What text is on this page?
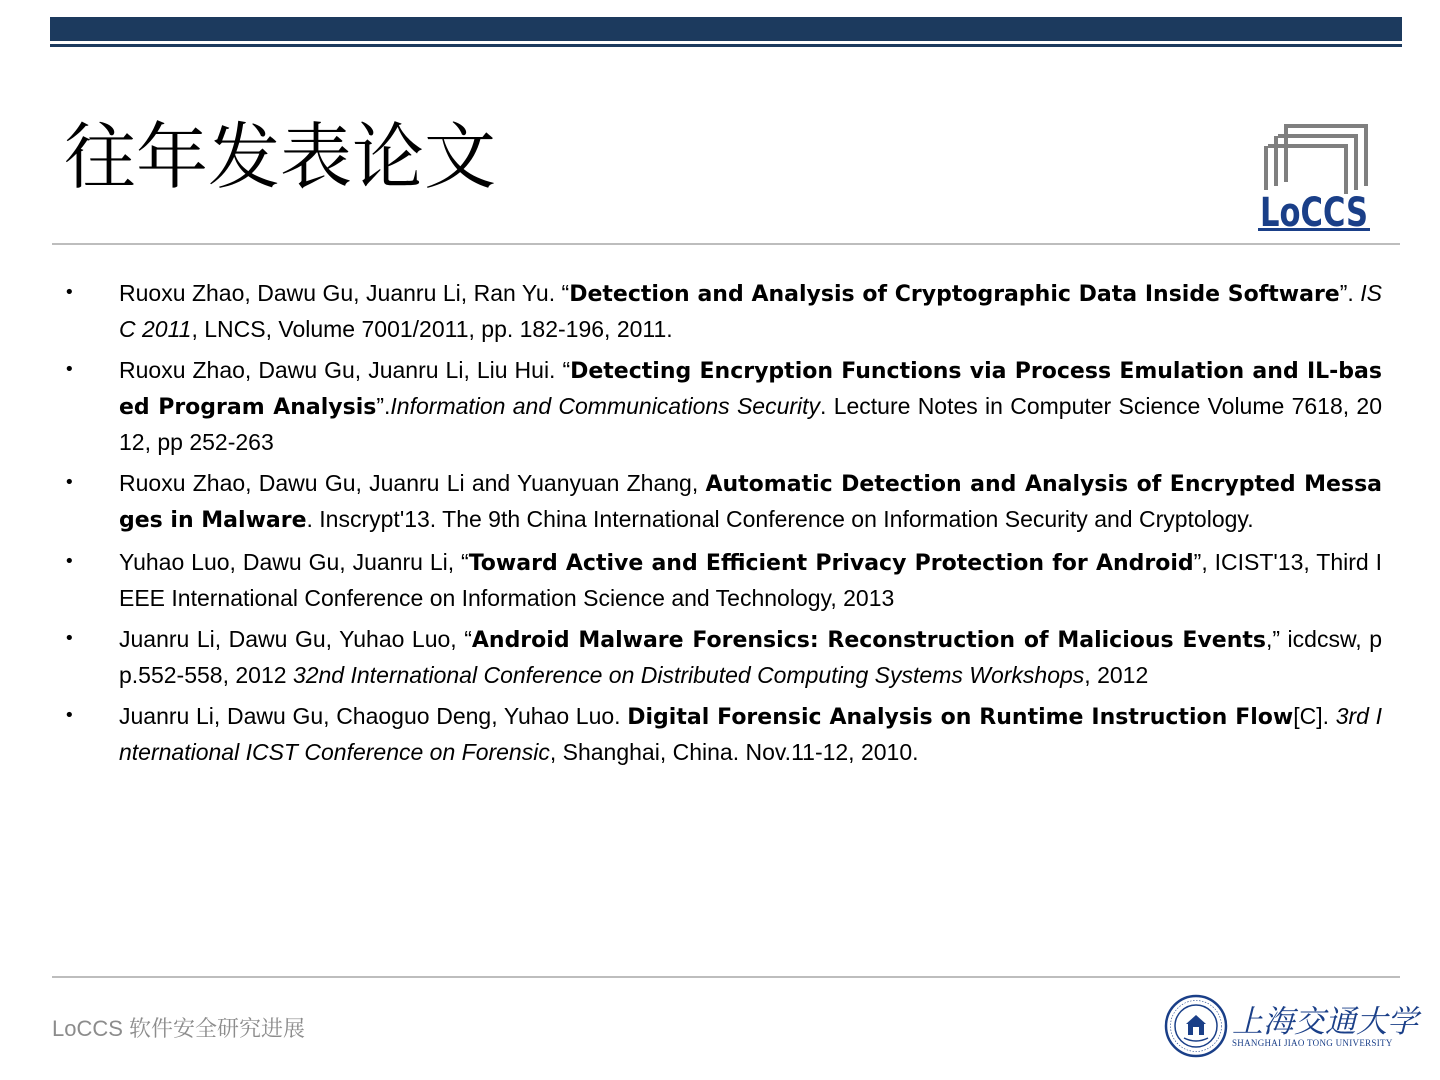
往年发表论文
LoCCS
• Ruoxu Zhao, Dawu Gu, Juanru Li, Ran Yu. “Detection and Analysis of Cryptographic Data Inside Software”. ISC 2011, LNCS, Volume 7001/2011, pp. 182-196, 2011.
• Ruoxu Zhao, Dawu Gu, Juanru Li, Liu Hui. “Detecting Encryption Functions via Process Emulation and IL-based Program Analysis”.Information and Communications Security. Lecture Notes in Computer Science Volume 7618, 2012, pp 252-263
• Ruoxu Zhao, Dawu Gu, Juanru Li and Yuanyuan Zhang, Automatic Detection and Analysis of Encrypted Messages in Malware. Inscrypt'13. The 9th China International Conference on Information Security and Cryptology.
• Yuhao Luo, Dawu Gu, Juanru Li, “Toward Active and Efficient Privacy Protection for Android”, ICIST'13, Third IEEE International Conference on Information Science and Technology, 2013
• Juanru Li, Dawu Gu, Yuhao Luo, “Android Malware Forensics: Reconstruction of Malicious Events,” icdcsw, pp.552-558, 2012 32nd International Conference on Distributed Computing Systems Workshops, 2012
• Juanru Li, Dawu Gu, Chaoguo Deng, Yuhao Luo. Digital Forensic Analysis on Runtime Instruction Flow[C]. 3rd International ICST Conference on Forensic, Shanghai, China. Nov.11-12, 2010.
LoCCS 软件安全研究进展	上海交通大学
SHANGHAI JIAO TONG UNIVERSITY
